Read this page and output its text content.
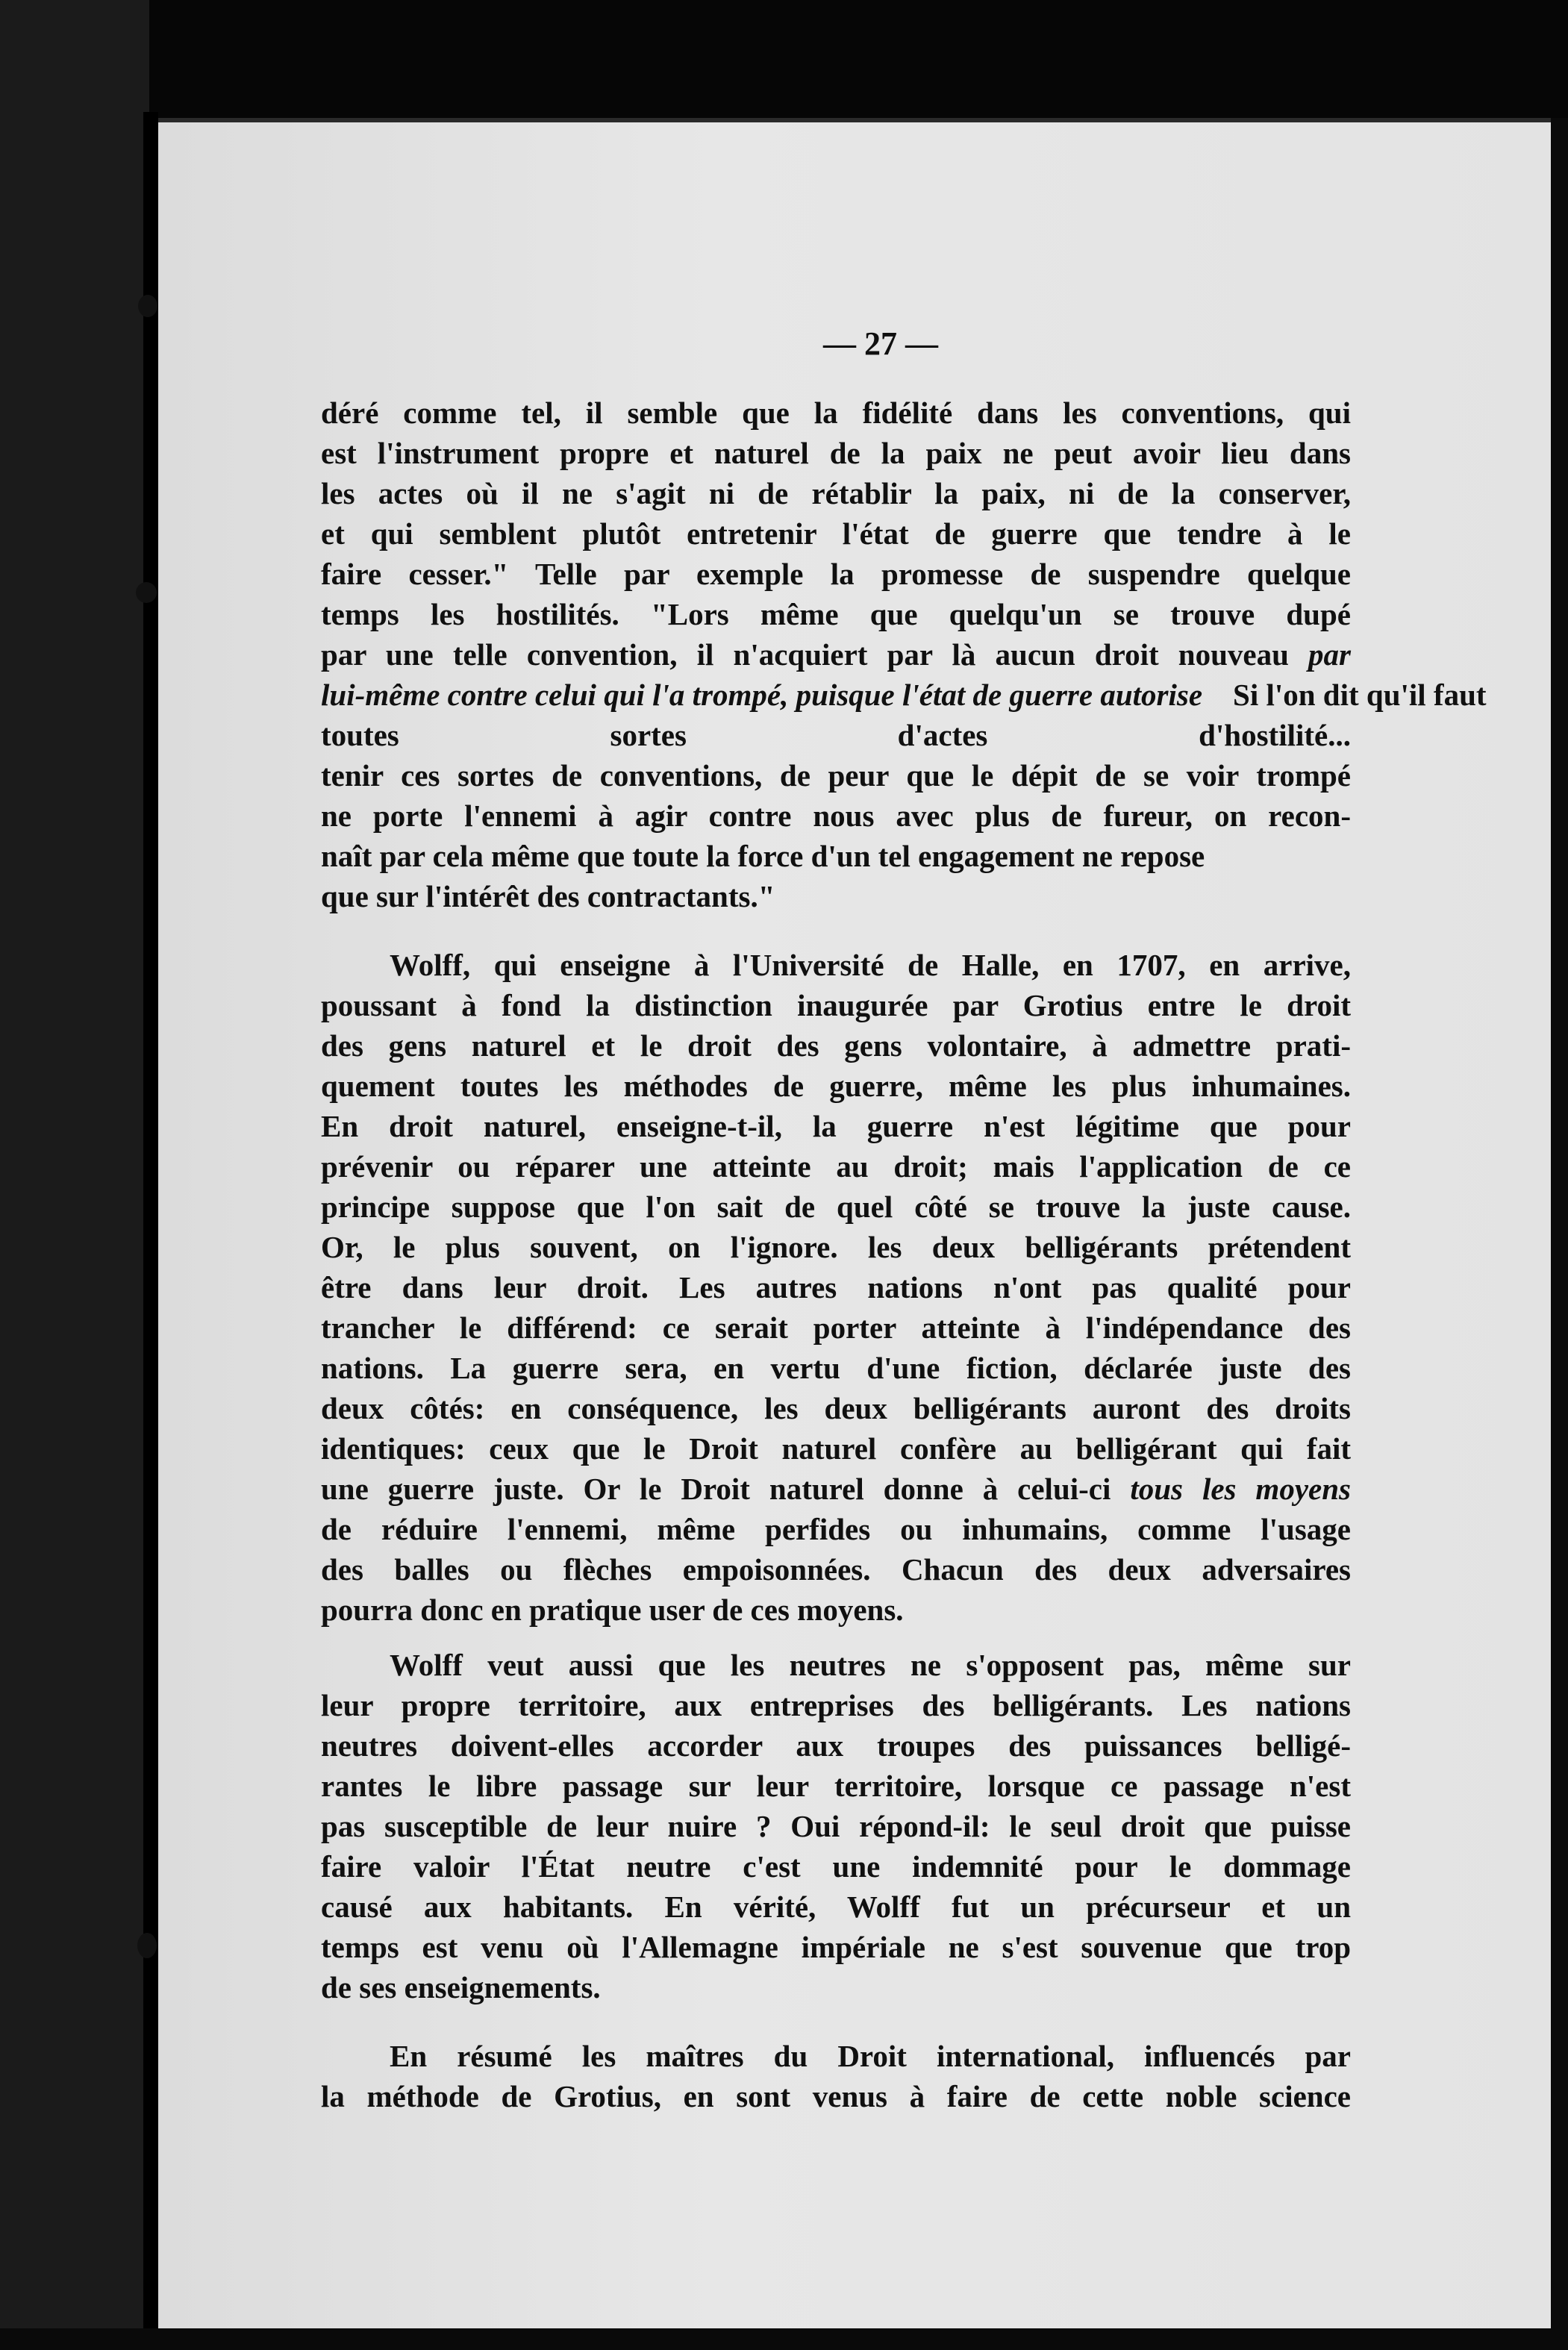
— 27 —
déré comme tel, il semble que la fidélité dans les conventions, qui
est l'instrument propre et naturel de la paix ne peut avoir lieu dans
les actes où il ne s'agit ni de rétablir la paix, ni de la conserver,
et qui semblent plutôt entretenir l'état de guerre que tendre à le
faire cesser." Telle par exemple la promesse de suspendre quelque
temps les hostilités. "Lors même que quelqu'un se trouve dupé
par une telle convention, il n'acquiert par là aucun droit nouveau par
lui-même contre celui qui l'a trompé, puisque l'état de guerre autorise Si l'on dit qu'il faut
toutes sortes d'actes d'hostilité...
tenir ces sortes de conventions, de peur que le dépit de se voir trompé
ne porte l'ennemi à agir contre nous avec plus de fureur, on recon-
naît par cela même que toute la force d'un tel engagement ne repose
que sur l'intérêt des contractants."
Wolff, qui enseigne à l'Université de Halle, en 1707, en arrive,
poussant à fond la distinction inaugurée par Grotius entre le droit
des gens naturel et le droit des gens volontaire, à admettre prati-
quement toutes les méthodes de guerre, même les plus inhumaines.
En droit naturel, enseigne-t-il, la guerre n'est légitime que pour
prévenir ou réparer une atteinte au droit; mais l'application de ce
principe suppose que l'on sait de quel côté se trouve la juste cause.
Or, le plus souvent, on l'ignore. les deux belligérants prétendent
être dans leur droit. Les autres nations n'ont pas qualité pour
trancher le différend: ce serait porter atteinte à l'indépendance des
nations. La guerre sera, en vertu d'une fiction, déclarée juste des
deux côtés: en conséquence, les deux belligérants auront des droits
identiques: ceux que le Droit naturel confère au belligérant qui fait
une guerre juste. Or le Droit naturel donne à celui-ci tous les moyens
de réduire l'ennemi, même perfides ou inhumains, comme l'usage
des balles ou flèches empoisonnées. Chacun des deux adversaires
pourra donc en pratique user de ces moyens.
Wolff veut aussi que les neutres ne s'opposent pas, même sur
leur propre territoire, aux entreprises des belligérants. Les nations
neutres doivent-elles accorder aux troupes des puissances belligé-
rantes le libre passage sur leur territoire, lorsque ce passage n'est
pas susceptible de leur nuire ? Oui répond-il: le seul droit que puisse
faire valoir l'État neutre c'est une indemnité pour le dommage
causé aux habitants. En vérité, Wolff fut un précurseur et un
temps est venu où l'Allemagne impériale ne s'est souvenue que trop
de ses enseignements.
En résumé les maîtres du Droit international, influencés par
la méthode de Grotius, en sont venus à faire de cette noble science
